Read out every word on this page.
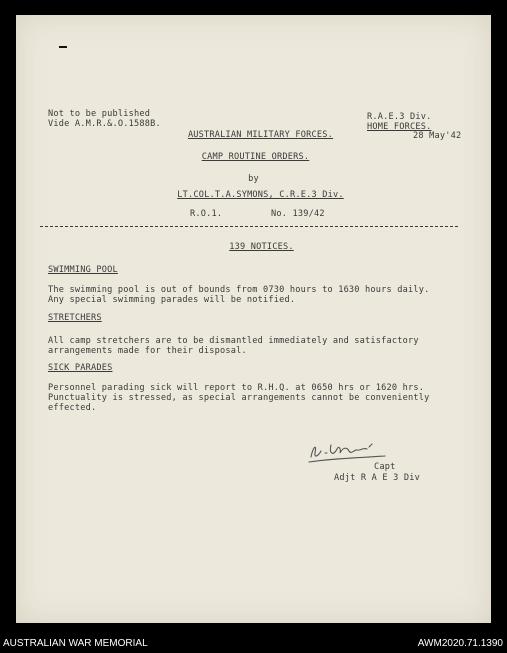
Not to be published
Vide A.M.R.&.O.1588B.
R.A.E.3 Div.
HOME FORCES.
28 May'42
AUSTRALIAN MILITARY FORCES.
CAMP ROUTINE ORDERS.
by
LT.COL.T.A.SYMONS, C.R.E.3 Div.
R.O.1.	No. 139/42
139 NOTICES.
SWIMMING POOL
The swimming pool is out of bounds from 0730 hours to 1630 hours daily.
Any special swimming parades will be notified.
STRETCHERS
All camp stretchers are to be dismantled immediately and satisfactory
arrangements made for their disposal.
SICK PARADES
Personnel parading sick will report to R.H.Q. at 0650 hrs or 1620 hrs.
Punctuality is stressed, as special arrangements cannot be conveniently
effected.
Capt
Adjt R A E 3 Div
AUSTRALIAN WAR MEMORIAL	AWM2020.71.1390
